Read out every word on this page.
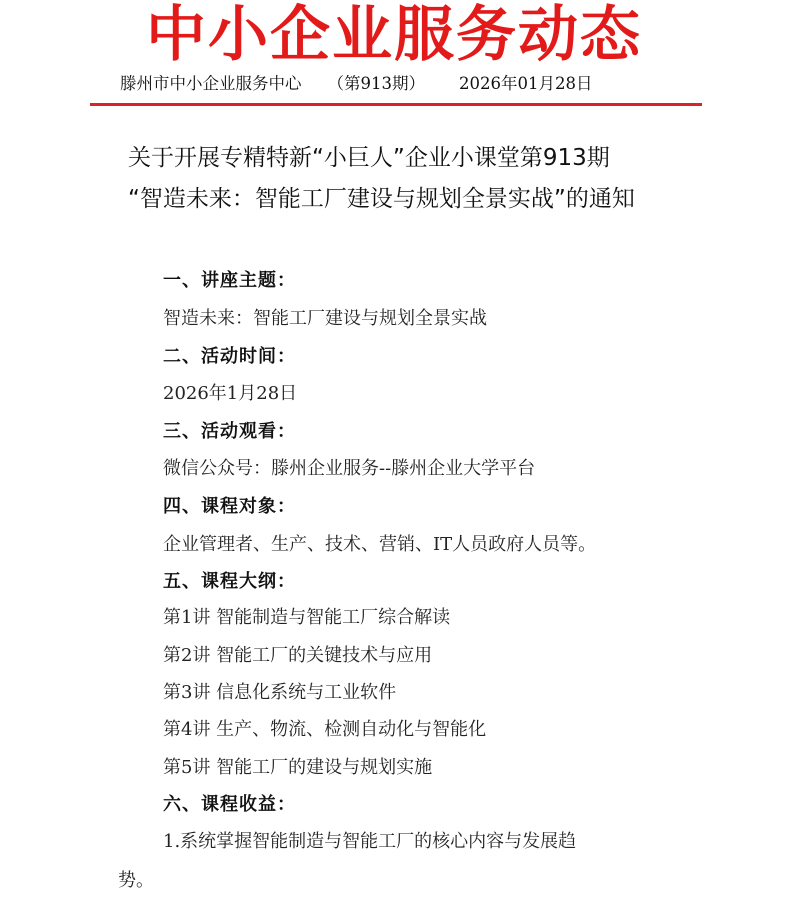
中小企业服务动态
滕州市中小企业服务中心 （第913期） 2026年01月28日
关于开展专精特新“小巨人”企业小课堂第913期
“智造未来：智能工厂建设与规划全景实战”的通知
一、讲座主题：
智造未来：智能工厂建设与规划全景实战
二、活动时间：
2026年1月28日
三、活动观看：
微信公众号：滕州企业服务--滕州企业大学平台
四、课程对象：
企业管理者、生产、技术、营销、IT人员政府人员等。
五、课程大纲：
第1讲 智能制造与智能工厂综合解读
第2讲 智能工厂的关键技术与应用
第3讲 信息化系统与工业软件
第4讲 生产、物流、检测自动化与智能化
第5讲 智能工厂的建设与规划实施
六、课程收益：
1.系统掌握智能制造与智能工厂的核心内容与发展趋
势。
